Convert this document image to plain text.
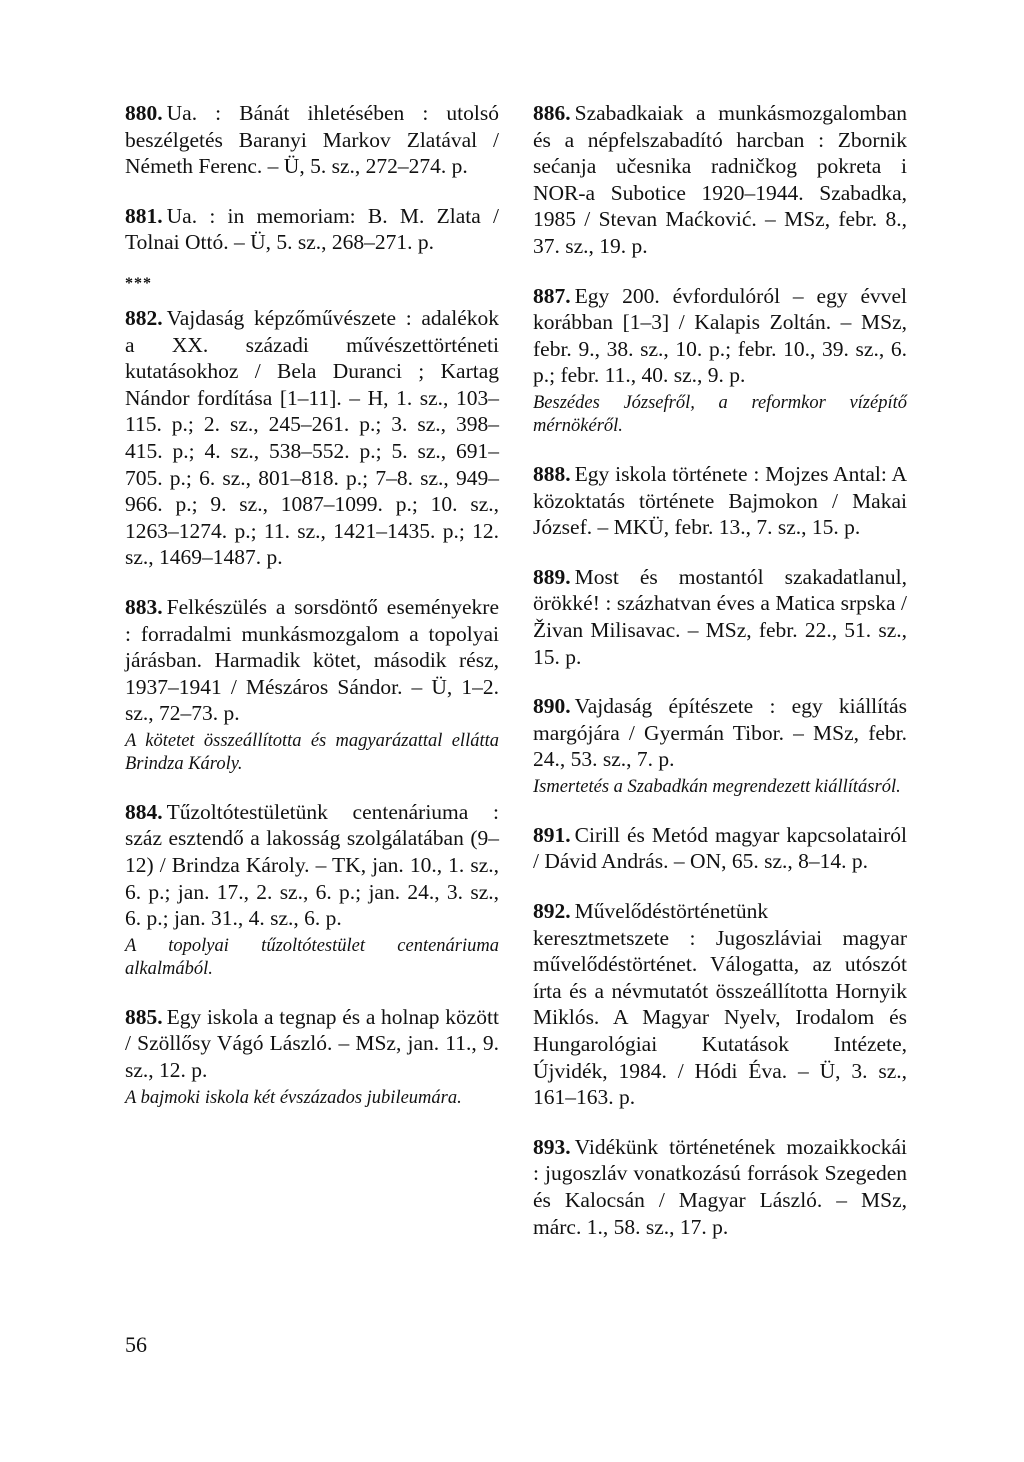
880. Ua. : Bánát ihletésében : utolsó beszélgetés Baranyi Markov Zlatával / Németh Ferenc. – Ü, 5. sz., 272–274. p.
881. Ua. : in memoriam: B. M. Zlata / Tolnai Ottó. – Ü, 5. sz., 268–271. p.
***
882. Vajdaság képzőművészete : adalékok a XX. századi művészettörténeti kutatásokhoz / Bela Duranci ; Kartag Nándor fordítása [1–11]. – H, 1. sz., 103–115. p.; 2. sz., 245–261. p.; 3. sz., 398–415. p.; 4. sz., 538–552. p.; 5. sz., 691–705. p.; 6. sz., 801–818. p.; 7–8. sz., 949–966. p.; 9. sz., 1087–1099. p.; 10. sz., 1263–1274. p.; 11. sz., 1421–1435. p.; 12. sz., 1469–1487. p.
883. Felkészülés a sorsdöntő eseményekre : forradalmi munkásmozgalom a topolyai járásban. Harmadik kötet, második rész, 1937–1941 / Mészáros Sándor. – Ü, 1–2. sz., 72–73. p.
A kötetet összeállította és magyarázattal ellátta Brindza Károly.
884. Tűzoltótestületünk centenáriuma : száz esztendő a lakosság szolgálatában (9–12) / Brindza Károly. – TK, jan. 10., 1. sz., 6. p.; jan. 17., 2. sz., 6. p.; jan. 24., 3. sz., 6. p.; jan. 31., 4. sz., 6. p.
A topolyai tűzoltótestület centenáriuma alkalmából.
885. Egy iskola a tegnap és a holnap között / Szöllősy Vágó László. – MSz, jan. 11., 9. sz., 12. p.
A bajmoki iskola két évszázados jubileumára.
886. Szabadkaiak a munkásmozgalomban és a népfelszabadító harcban : Zbornik sećanja učesnika radničkog pokreta i NOR-a Subotice 1920–1944. Szabadka, 1985 / Stevan Maćković. – MSz, febr. 8., 37. sz., 19. p.
887. Egy 200. évfordulóról – egy évvel korábban [1–3] / Kalapis Zoltán. – MSz, febr. 9., 38. sz., 10. p.; febr. 10., 39. sz., 6. p.; febr. 11., 40. sz., 9. p.
Beszédes Józsefről, a reformkor vízépítő mérnökéről.
888. Egy iskola története : Mojzes Antal: A közoktatás története Bajmokon / Makai József. – MKÜ, febr. 13., 7. sz., 15. p.
889. Most és mostantól szakadatlanul, örökké! : százhatvan éves a Matica srpska / Živan Milisavac. – MSz, febr. 22., 51. sz., 15. p.
890. Vajdaság építészete : egy kiállítás margójára / Gyermán Tibor. – MSz, febr. 24., 53. sz., 7. p.
Ismertetés a Szabadkán megrendezett kiállításról.
891. Cirill és Metód magyar kapcsolatairól / Dávid András. – ON, 65. sz., 8–14. p.
892. Művelődéstörténetünk keresztmetszete : Jugoszláviai magyar művelődéstörténet. Válogatta, az utószót írta és a névmutatót összeállította Hornyik Miklós. A Magyar Nyelv, Irodalom és Hungarológiai Kutatások Intézete, Újvidék, 1984. / Hódi Éva. – Ü, 3. sz., 161–163. p.
893. Vidékünk történetének mozaikkockái : jugoszláv vonatkozású források Szegeden és Kalocsán / Magyar László. – MSz, márc. 1., 58. sz., 17. p.
56
